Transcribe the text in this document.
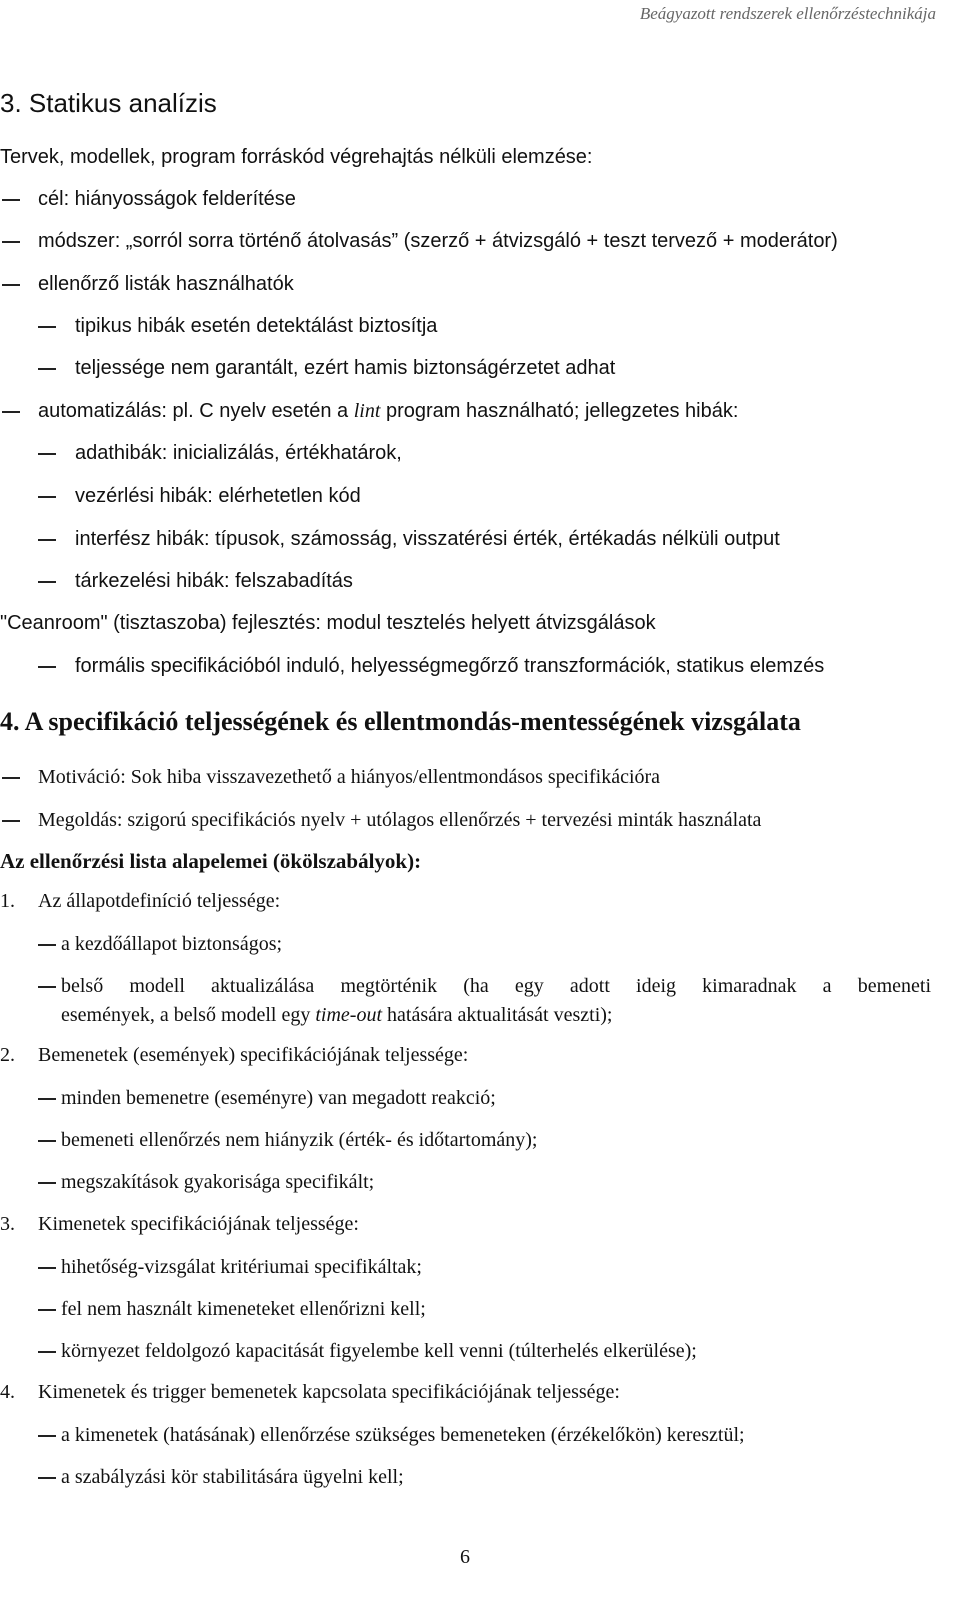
Beágyazott rendszerek ellenőrzéstechnikája
3. Statikus analízis
Tervek, modellek, program forráskód végrehajtás nélküli elemzése:
cél: hiányosságok felderítése
módszer: „sorról sorra történő átolvasás” (szerző + átvizsgáló + teszt tervező + moderátor)
ellenőrző listák használhatók
tipikus hibák esetén detektálást biztosítja
teljessége nem garantált, ezért hamis biztonságérzetet adhat
automatizálás: pl. C nyelv esetén a lint program használható; jellegzetes hibák:
adathibák: inicializálás, értékhatárok,
vezérlési hibák: elérhetetlen kód
interfész hibák: típusok, számosság, visszatérési érték, értékadás nélküli output
tárkezelési hibák: felszabadítás
"Ceanroom" (tisztaszoba) fejlesztés: modul tesztelés helyett átvizsgálások
formális specifikációból induló, helyességmegőrző transzformációk, statikus elemzés
4. A specifikáció teljességének és ellentmondás-mentességének vizsgálata
Motiváció: Sok hiba visszavezethető a hiányos/ellentmondásos specifikációra
Megoldás: szigorú specifikációs nyelv + utólagos ellenőrzés + tervezési minták használata
Az ellenőrzési lista alapelemei (ökölszabályok):
1. Az állapotdefiníció teljessége:
a kezdőállapot biztonságos;
belső modell aktualizálása megtörténik (ha egy adott ideig kimaradnak a bemeneti
események, a belső modell egy time-out hatására aktualitását veszti);
2. Bemenetek (események) specifikációjának teljessége:
minden bemenetre (eseményre) van megadott reakció;
bemeneti ellenőrzés nem hiányzik (érték- és időtartomány);
megszakítások gyakorisága specifikált;
3. Kimenetek specifikációjának teljessége:
hihetőség-vizsgálat kritériumai specifikáltak;
fel nem használt kimeneteket ellenőrizni kell;
környezet feldolgozó kapacitását figyelembe kell venni (túlterhelés elkerülése);
4. Kimenetek és trigger bemenetek kapcsolata specifikációjának teljessége:
a kimenetek (hatásának) ellenőrzése szükséges bemeneteken (érzékelőkön) keresztül;
a szabályzási kör stabilitására ügyelni kell;
6
